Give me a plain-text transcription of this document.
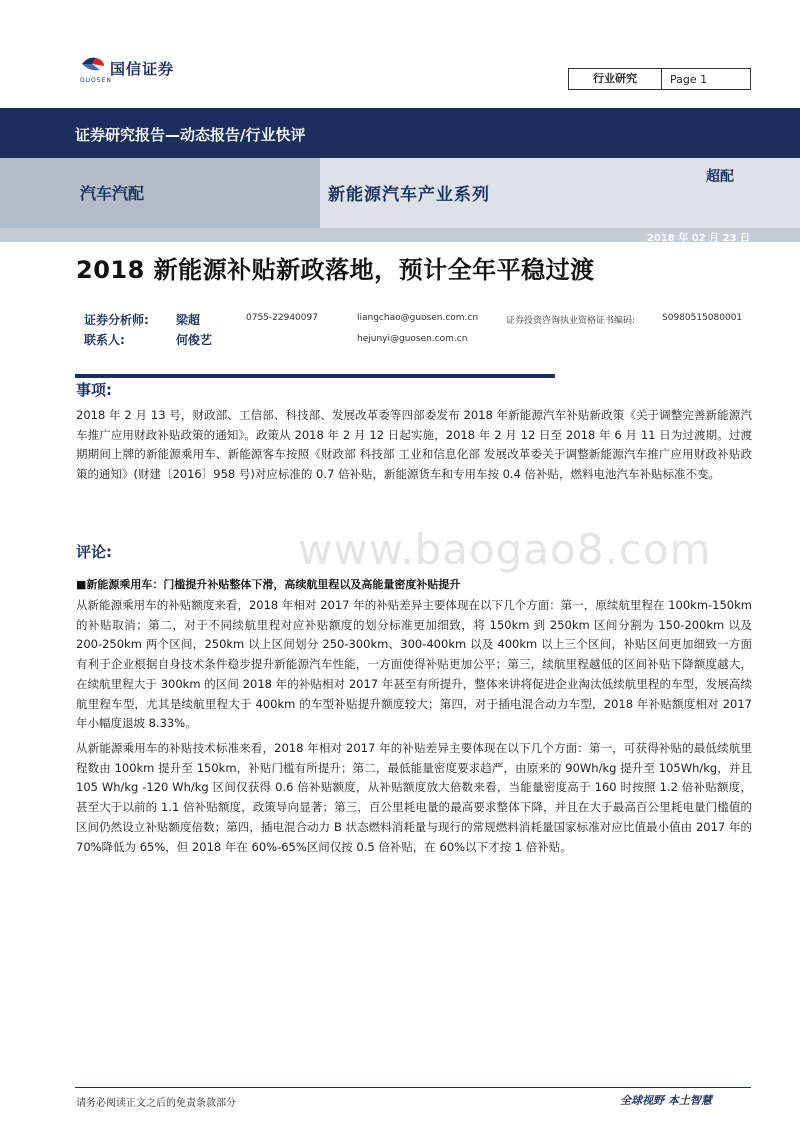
国信证券
GUOSEN	行业研究	Page 1
证券研究报告—动态报告/行业快评
汽车汽配	新能源汽车产业系列
超配
2018 年 02 月 23 日
2018 新能源补贴新政落地，预计全年平稳过渡
证券分析师: 梁超	0755-22940097	liangchao@guosen.com.cn	证券投资咨询执业资格证书编码:	S0980515080001
联系人:	何俊艺	hejunyi@guosen.com.cn
事项:

2018 年 2 月 13 号，财政部、工信部、科技部、发展改革委等四部委发布 2018 年新能源汽车补贴新政策《关于调整完善新能源汽车推广应用财政补贴政策的通知》。政策从 2018 年 2 月 12 日起实施，2018 年 2 月 12 日至 2018 年 6 月 11 日为过渡期。过渡期期间上牌的新能源乘用车、新能源客车按照《财政部 科技部 工业和信息化部 发展改革委关于调整新能源汽车推广应用财政补贴政策的通知》(财建〔2016〕958 号)对应标准的 0.7 倍补贴，新能源货车和专用车按 0.4 倍补贴，燃料电池汽车补贴标准不变。

www.baogao8.com
评论:
■新能源乘用车：门槛提升补贴整体下滑，高续航里程以及高能量密度补贴提升

从新能源乘用车的补贴额度来看，2018 年相对 2017 年的补贴差异主要体现在以下几个方面：第一，原续航里程在 100km-150km 的补贴取消；第二，对于不同续航里程对应补贴额度的划分标准更加细致，将 150km 到 250km 区间分割为 150-200km 以及 200-250km 两个区间，250km 以上区间划分 250-300km、300-400km 以及 400km 以上三个区间，补贴区间更加细致一方面有利于企业根据自身技术条件稳步提升新能源汽车性能，一方面使得补贴更加公平；第三，续航里程越低的区间补贴下降额度越大，在续航里程大于 300km 的区间 2018 年的补贴相对 2017 年甚至有所提升，整体来讲将促进企业淘汰低续航里程的车型，发展高续航里程车型，尤其是续航里程大于 400km 的车型补贴提升额度较大；第四，对于插电混合动力车型，2018 年补贴额度相对 2017 年小幅度退坡 8.33%。

从新能源乘用车的补贴技术标准来看，2018 年相对 2017 年的补贴差异主要体现在以下几个方面：第一，可获得补贴的最低续航里程数由 100km 提升至 150km，补贴门槛有所提升；第二，最低能量密度要求趋严，由原来的 90Wh/kg 提升至 105Wh/kg，并且 105 Wh/kg -120 Wh/kg 区间仅获得 0.6 倍补贴额度，从补贴额度放大倍数来看，当能量密度高于 160 时按照 1.2 倍补贴额度，甚至大于以前的 1.1 倍补贴额度，政策导向显著；第三，百公里耗电量的最高要求整体下降，并且在大于最高百公里耗电量门槛值的区间仍然设立补贴额度倍数；第四，插电混合动力 B 状态燃料消耗量与现行的常规燃料消耗量国家标准对应比值最小值由 2017 年的 70%降低为 65%，但 2018 年在 60%-65%区间仅按 0.5 倍补贴，在 60%以下才按 1 倍补贴。

请务必阅读正文之后的免责条款部分	全球视野 本土智慧
